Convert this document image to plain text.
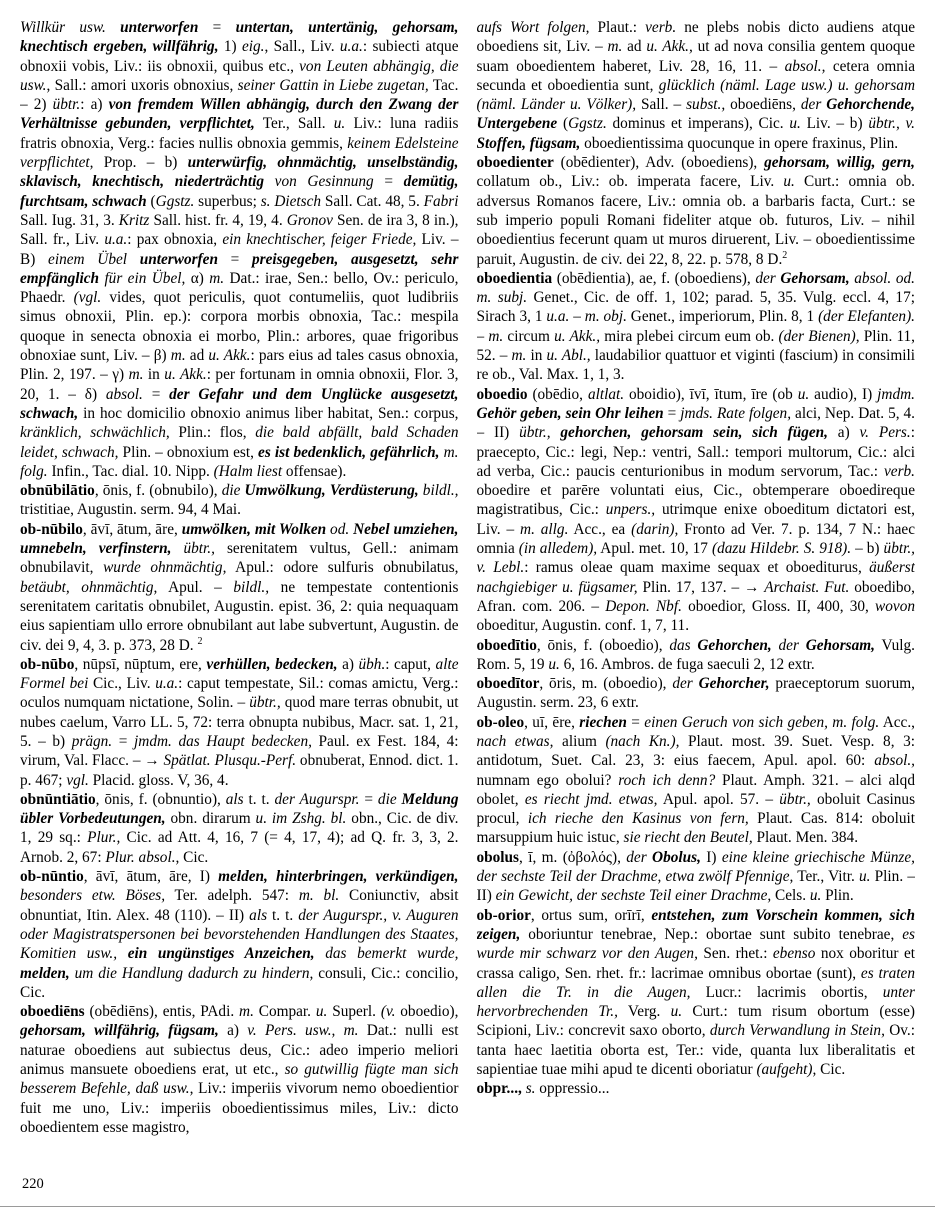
Willkür usw. unterworfen = untertan, untertänig, gehorsam, knechtisch ergeben, willfährig, 1) eig., Sall., Liv. u.a.: subiecti atque obnoxii vobis, Liv.: iis obnoxii, quibus etc., von Leuten abhängig, die usw., Sall.: amori uxoris obnoxius, seiner Gattin in Liebe zugetan, Tac. – 2) übtr.: a) von fremdem Willen abhängig, durch den Zwang der Verhältnisse gebunden, verpflichtet, Ter., Sall. u. Liv.: luna radiis fratris obnoxia, Verg.: facies nullis obnoxia gemmis, keinem Edelsteine verpflichtet, Prop. – b) unterwürfig, ohnmächtig, unselbständig, sklavisch, knechtisch, niederträchtig von Gesinnung = demütig, furchtsam, schwach (Ggstz. superbus; s. Dietsch Sall. Cat. 48, 5. Fabri Sall. Iug. 31, 3. Kritz Sall. hist. fr. 4, 19, 4. Gronov Sen. de ira 3, 8 in.), Sall. fr., Liv. u.a.: pax obnoxia, ein knechtischer, feiger Friede, Liv. – B) einem Übel unterworfen = preisgegeben, ausgesetzt, sehr empfänglich für ein Übel, α) m. Dat.: irae, Sen.: bello, Ov.: periculo, Phaedr. (vgl. vides, quot periculis, quot contumeliis, quot ludibriis simus obnoxii, Plin. ep.): corpora morbis obnoxia, Tac.: mespila quoque in senecta obnoxia ei morbo, Plin.: arbores, quae frigoribus obnoxiae sunt, Liv. – β) m. ad u. Akk.: pars eius ad tales casus obnoxia, Plin. 2, 197. – γ) m. in u. Akk.: per fortunam in omnia obnoxii, Flor. 3, 20, 1. – δ) absol. = der Gefahr und dem Unglücke ausgesetzt, schwach, in hoc domicilio obnoxio animus liber habitat, Sen.: corpus, kränklich, schwächlich, Plin.: flos, die bald abfällt, bald Schaden leidet, schwach, Plin. – obnoxium est, es ist bedenklich, gefährlich, m. folg. Infin., Tac. dial. 10. Nipp. (Halm liest offensae).

obnūbilātio, ōnis, f. (obnubilo), die Umwölkung, Verdüsterung, bildl., tristitiae, Augustin. serm. 94, 4 Mai.

ob-nūbilo, āvī, ātum, āre, umwölken, mit Wolken od. Nebel umziehen, umnebeln, verfinstern, übtr., serenitatem vultus, Gell.: animam obnubilavit, wurde ohnmächtig, Apul.: odore sulfuris obnubilatus, betäubt, ohnmächtig, Apul. – bildl., ne tempestate contentionis serenitatem caritatis obnubilet, Augustin. epist. 36, 2: quia nequaquam eius sapientiam ullo errore obnubilant aut labe subvertunt, Augustin. de civ. dei 9, 4, 3. p. 373, 28 D. $^2$

ob-nūbo, nūpsī, nūptum, ere, verhüllen, bedecken, a) übh.: caput, alte Formel bei Cic., Liv. u.a.: caput tempestate, Sil.: comas amictu, Verg.: oculos numquam nictatione, Solin. – übtr., quod mare terras obnubit, ut nubes caelum, Varro LL. 5, 72: terra obnupta nubibus, Macr. sat. 1, 21, 5. – b) prägn. = jmdm. das Haupt bedecken, Paul. ex Fest. 184, 4: virum, Val. Flacc. – → Spätlat. Plusqu.-Perf. obnuberat, Ennod. dict. 1. p. 467; vgl. Placid. gloss. V, 36, 4.

obnūntiātio, ōnis, f. (obnuntio), als t. t. der Augurspr. = die Meldung übler Vorbedeutungen, obn. dirarum u. im Zshg. bl. obn., Cic. de div. 1, 29 sq.: Plur., Cic. ad Att. 4, 16, 7 (= 4, 17, 4); ad Q. fr. 3, 3, 2. Arnob. 2, 67: Plur. absol., Cic.

ob-nūntio, āvī, ātum, āre, I) melden, hinterbringen, verkündigen, besonders etw. Böses, Ter. adelph. 547: m. bl. Coniunctiv, absit obnuntiat, Itin. Alex. 48 (110). – II) als t. t. der Augurspr., v. Auguren oder Magistratspersonen bei bevorstehenden Handlungen des Staates, Komitien usw., ein ungünstiges Anzeichen, das bemerkt wurde, melden, um die Handlung dadurch zu hindern, consuli, Cic.: concilio, Cic.

oboediēns (obēdiēns), entis, PAdi. m. Compar. u. Superl. (v. oboedio), gehorsam, willfährig, fügsam, a) v. Pers. usw., m. Dat.: nulli est naturae oboediens aut subiectus deus, Cic.: adeo imperio meliori animus mansuete oboediens erat, ut etc., so gutwillig fügte man sich besserem Befehle, daß usw., Liv.: imperiis vivorum nemo oboedientior fuit me uno, Liv.: imperiis oboedientissimus miles, Liv.: dicto oboedientem esse magistro,

aufs Wort folgen, Plaut.: verb. ne plebs nobis dicto audiens atque oboediens sit, Liv. – m. ad u. Akk., ut ad nova consilia gentem quoque suam oboedientem haberet, Liv. 28, 16, 11. – absol., cetera omnia secunda et oboedientia sunt, glücklich (näml. Lage usw.) u. gehorsam (näml. Länder u. Völker), Sall. – subst., oboediēns, der Gehorchende, Untergebene (Ggstz. dominus et imperans), Cic. u. Liv. – b) übtr., v. Stoffen, fügsam, oboedientissima quocunque in opere fraxinus, Plin.

oboedienter (obēdienter), Adv. (oboediens), gehorsam, willig, gern, collatum ob., Liv.: ob. imperata facere, Liv. u. Curt.: omnia ob. adversus Romanos facere, Liv.: omnia ob. a barbaris facta, Curt.: se sub imperio populi Romani fideliter atque ob. futuros, Liv. – nihil oboedientius fecerunt quam ut muros diruerent, Liv. – oboedientissime paruit, Augustin. de civ. dei 22, 8, 22. p. 578, 8 D.$^2$

oboedientia (obēdientia), ae, f. (oboediens), der Gehorsam, absol. od. m. subj. Genet., Cic. de off. 1, 102; parad. 5, 35. Vulg. eccl. 4, 17; Sirach 3, 1 u.a. – m. obj. Genet., imperiorum, Plin. 8, 1 (der Elefanten). – m. circum u. Akk., mira plebei circum eum ob. (der Bienen), Plin. 11, 52. – m. in u. Abl., laudabilior quattuor et viginti (fascium) in consimili re ob., Val. Max. 1, 1, 3.

oboedio (obēdio, altlat. oboidio), īvī, ītum, īre (ob u. audio), I) jmdm. Gehör geben, sein Ohr leihen = jmds. Rate folgen, alci, Nep. Dat. 5, 4. – II) übtr., gehorchen, gehorsam sein, sich fügen, a) v. Pers.: praecepto, Cic.: legi, Nep.: ventri, Sall.: tempori multorum, Cic.: alci ad verba, Cic.: paucis centurionibus in modum servorum, Tac.: verb. oboedire et parēre voluntati eius, Cic., obtemperare oboedireque magistratibus, Cic.: unpers., utrimque enixe oboeditum dictatori est, Liv. – m. allg. Acc., ea (darin), Fronto ad Ver. 7. p. 134, 7 N.: haec omnia (in alledem), Apul. met. 10, 17 (dazu Hildebr. S. 918). – b) übtr., v. Lebl.: ramus oleae quam maxime sequax et oboediturus, äußerst nachgiebiger u. fügsamer, Plin. 17, 137. – → Archaist. Fut. oboedibo, Afran. com. 206. – Depon. Nbf. oboedior, Gloss. II, 400, 30, wovon oboeditur, Augustin. conf. 1, 7, 11.

oboedītio, ōnis, f. (oboedio), das Gehorchen, der Gehorsam, Vulg. Rom. 5, 19 u. 6, 16. Ambros. de fuga saeculi 2, 12 extr.

oboedītor, ōris, m. (oboedio), der Gehorcher, praeceptorum suorum, Augustin. serm. 23, 6 extr.

ob-oleo, uī, ēre, riechen = einen Geruch von sich geben, m. folg. Acc., nach etwas, alium (nach Kn.), Plaut. most. 39. Suet. Vesp. 8, 3: antidotum, Suet. Cal. 23, 3: eius faecem, Apul. apol. 60: absol., numnam ego obolui? roch ich denn? Plaut. Amph. 321. – alci alqd obolet, es riecht jmd. etwas, Apul. apol. 57. – übtr., oboluit Casinus procul, ich rieche den Kasinus von fern, Plaut. Cas. 814: oboluit marsuppium huic istuc, sie riecht den Beutel, Plaut. Men. 384.

obolus, ī, m. (ὀβολός), der Obolus, I) eine kleine griechische Münze, der sechste Teil der Drachme, etwa zwölf Pfennige, Ter., Vitr. u. Plin. – II) ein Gewicht, der sechste Teil einer Drachme, Cels. u. Plin.

ob-orior, ortus sum, orīrī, entstehen, zum Vorschein kommen, sich zeigen, oboriuntur tenebrae, Nep.: obortae sunt subito tenebrae, es wurde mir schwarz vor den Augen, Sen. rhet.: ebenso nox oboritur et crassa caligo, Sen. rhet. fr.: lacrimae omnibus obortae (sunt), es traten allen die Tr. in die Augen, Lucr.: lacrimis obortis, unter hervorbrechenden Tr., Verg. u. Curt.: tum risum obortum (esse) Scipioni, Liv.: concrevit saxo oborto, durch Verwandlung in Stein, Ov.: tanta haec laetitia oborta est, Ter.: vide, quanta lux liberalitatis et sapientiae tuae mihi apud te dicenti oboriatur (aufgeht), Cic.

obpr..., s. oppressio...

220
